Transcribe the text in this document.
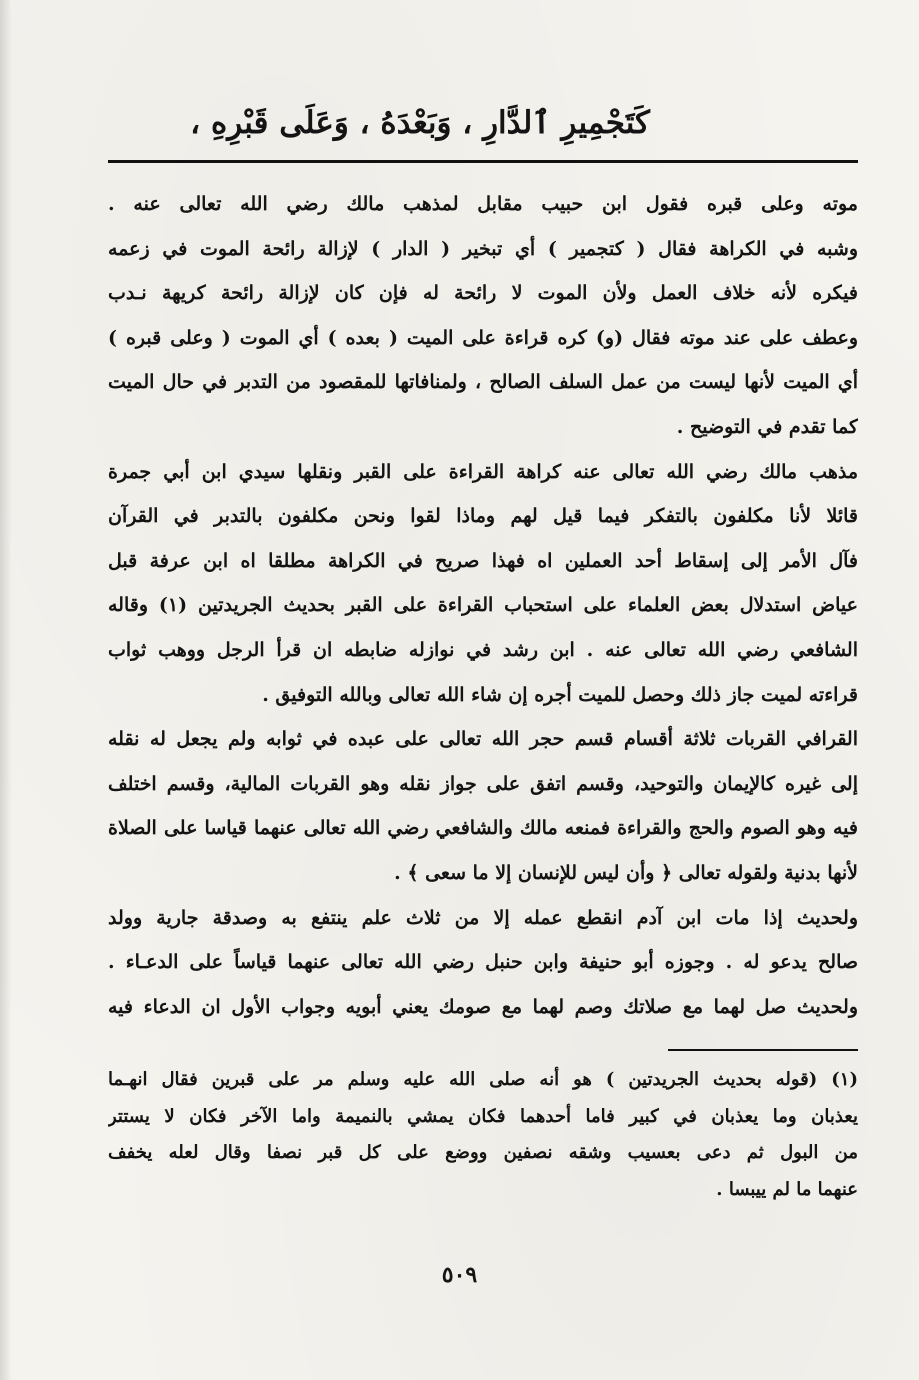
كَتَجْمِيرِ ٱلدَّارِ ، وَبَعْدَهُ ، وَعَلَى قَبْرِهِ ،
موته وعلى قبره فقول ابن حبيب مقابل لمذهب مالك رضي الله تعالى عنه .
وشبه في الكراهة فقال ( كتجمير ) أي تبخير ( الدار ) لإزالة رائحة الموت في زعمه
فيكره لأنه خلاف العمل ولأن الموت لا رائحة له فإن كان لإزالة رائحة كريهة نـدب
وعطف على عند موته فقال (و) كره قراءة على الميت ( بعده ) أي الموت ( وعلى قبره )
أي الميت لأنها ليست من عمل السلف الصالح ، ولمنافاتها للمقصود من التدبر في حال الميت
كما تقدم في التوضيح .
مذهب مالك رضي الله تعالى عنه كراهة القراءة على القبر ونقلها سيدي ابن أبي جمرة
قائلا لأنا مكلفون بالتفكر فيما قيل لهم وماذا لقوا ونحن مكلفون بالتدبر في القرآن
فآل الأمر إلى إسقاط أحد العملين اه فهذا صريح في الكراهة مطلقا اه ابن عرفة قبل
عياض استدلال بعض العلماء على استحباب القراءة على القبر بحديث الجريدتين (١) وقاله
الشافعي رضي الله تعالى عنه . ابن رشد في نوازله ضابطه ان قرأ الرجل ووهب ثواب
قراءته لميت جاز ذلك وحصل للميت أجره إن شاء الله تعالى وبالله التوفيق .
القرافي القربات ثلاثة أقسام قسم حجر الله تعالى على عبده في ثوابه ولم يجعل له نقله
إلى غيره كالإيمان والتوحيد، وقسم اتفق على جواز نقله وهو القربات المالية، وقسم اختلف
فيه وهو الصوم والحج والقراءة فمنعه مالك والشافعي رضي الله تعالى عنهما قياسا على الصلاة
لأنها بدنية ولقوله تعالى ﴿ وأن ليس للإنسان إلا ما سعى ﴾ .
ولحديث إذا مات ابن آدم انقطع عمله إلا من ثلاث علم ينتفع به وصدقة جارية وولد
صالح يدعو له . وجوزه أبو حنيفة وابن حنبل رضي الله تعالى عنهما قياساً على الدعـاء .
ولحديث صل لهما مع صلاتك وصم لهما مع صومك يعني أبويه وجواب الأول ان الدعاء فيه
(١) (قوله بحديث الجريدتين ) هو أنه صلى الله عليه وسلم مر على قبرين فقال انهـما
يعذبان وما يعذبان في كبير فاما أحدهما فكان يمشي بالنميمة واما الآخر فكان لا يستتر
من البول ثم دعى بعسيب وشقه نصفين ووضع على كل قبر نصفا وقال لعله يخفف
عنهما ما لم ييبسا .
٥٠٩
